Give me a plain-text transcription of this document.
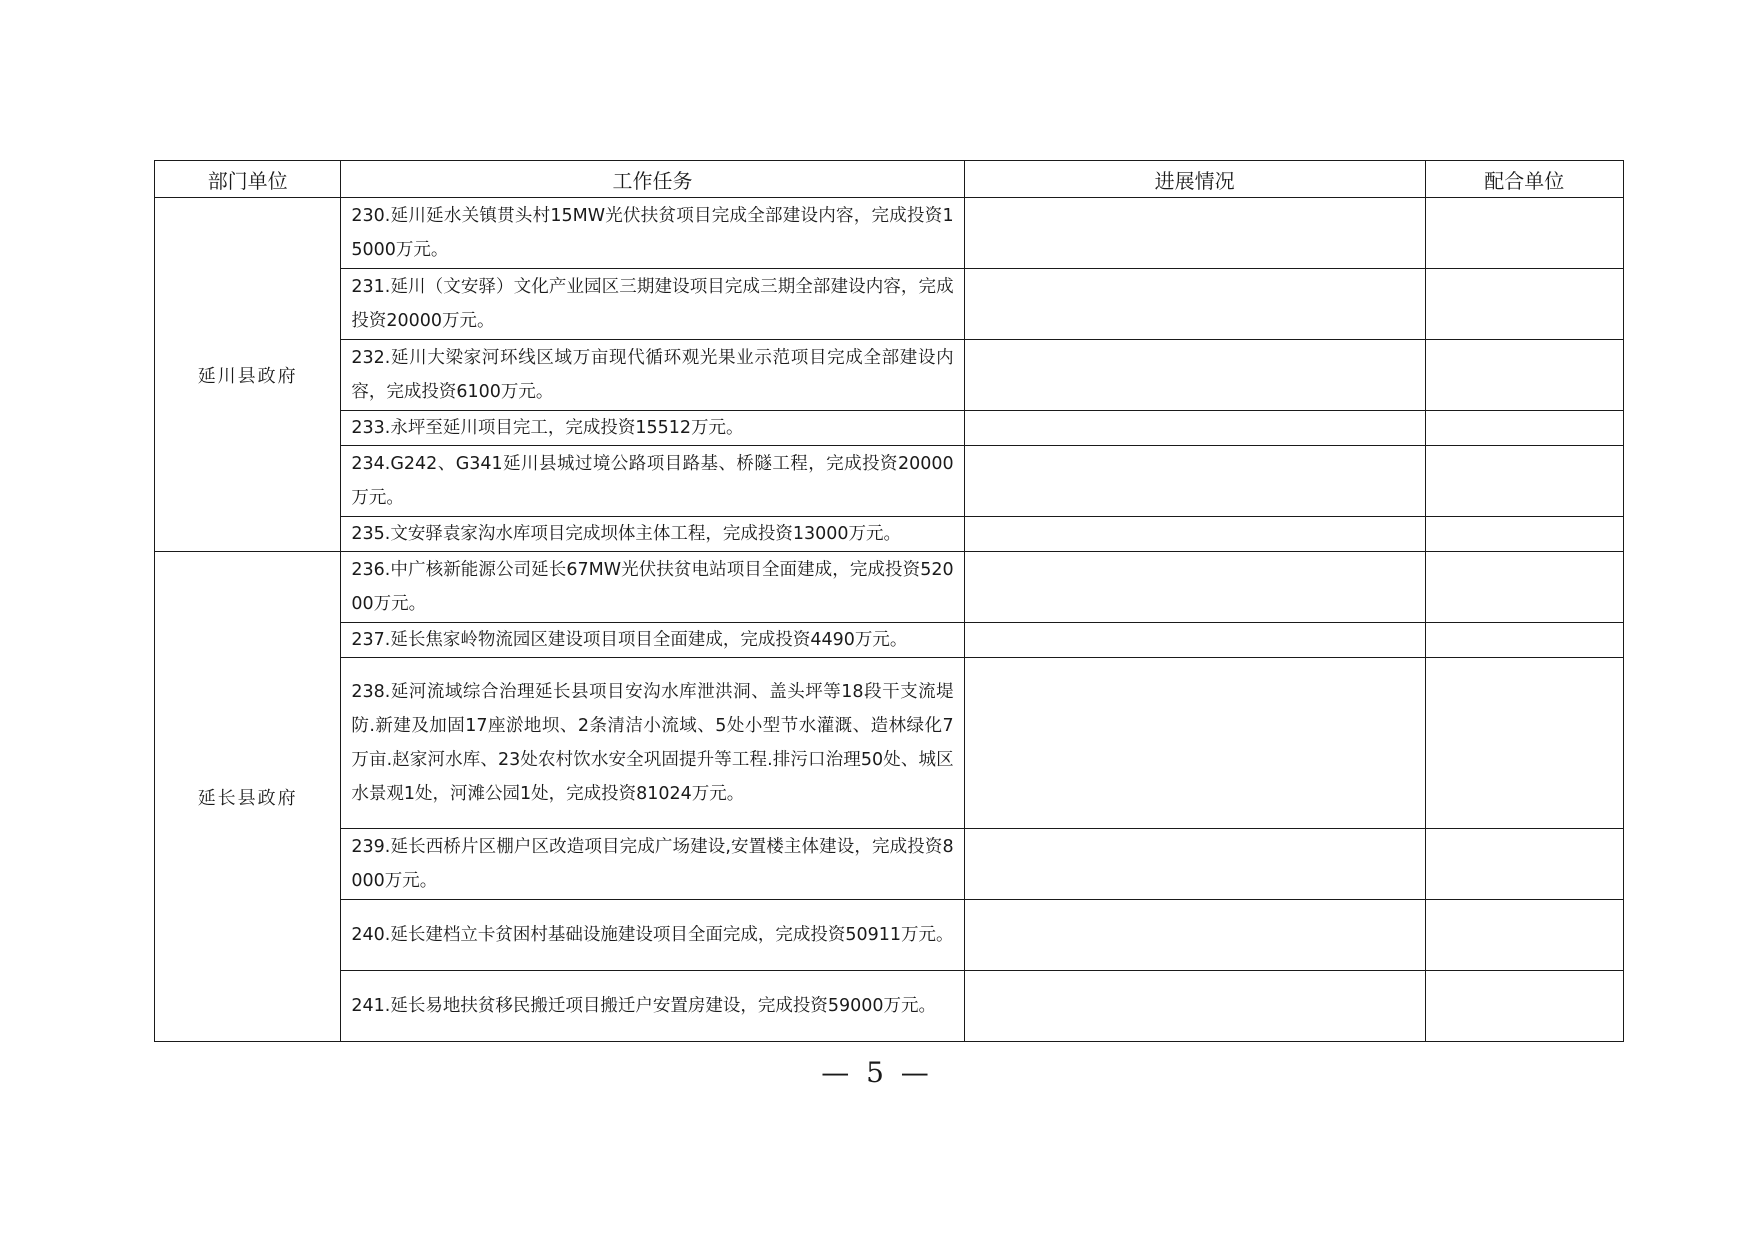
部门单位	工作任务	进展情况	配合单位
延川县政府	230.延川延水关镇贯头村15MW光伏扶贫项目完成全部建设内容，完成投资15000万元。		
	231.延川（文安驿）文化产业园区三期建设项目完成三期全部建设内容，完成投资20000万元。		
	232.延川大梁家河环线区域万亩现代循环观光果业示范项目完成全部建设内容，完成投资6100万元。		
	233.永坪至延川项目完工，完成投资15512万元。		
	234.G242、G341延川县城过境公路项目路基、桥隧工程，完成投资20000万元。		
	235.文安驿袁家沟水库项目完成坝体主体工程，完成投资13000万元。		
延长县政府	236.中广核新能源公司延长67MW光伏扶贫电站项目全面建成，完成投资52000万元。		
	237.延长焦家岭物流园区建设项目项目全面建成，完成投资4490万元。		
	238.延河流域综合治理延长县项目安沟水库泄洪洞、盖头坪等18段干支流堤防.新建及加固17座淤地坝、2条清洁小流域、5处小型节水灌溉、造林绿化7万亩.赵家河水库、23处农村饮水安全巩固提升等工程.排污口治理50处、城区水景观1处，河滩公园1处，完成投资81024万元。		
	239.延长西桥片区棚户区改造项目完成广场建设,安置楼主体建设，完成投资8000万元。		
	240.延长建档立卡贫困村基础设施建设项目全面完成，完成投资50911万元。		
	241.延长易地扶贫移民搬迁项目搬迁户安置房建设，完成投资59000万元。		
— 5 —
